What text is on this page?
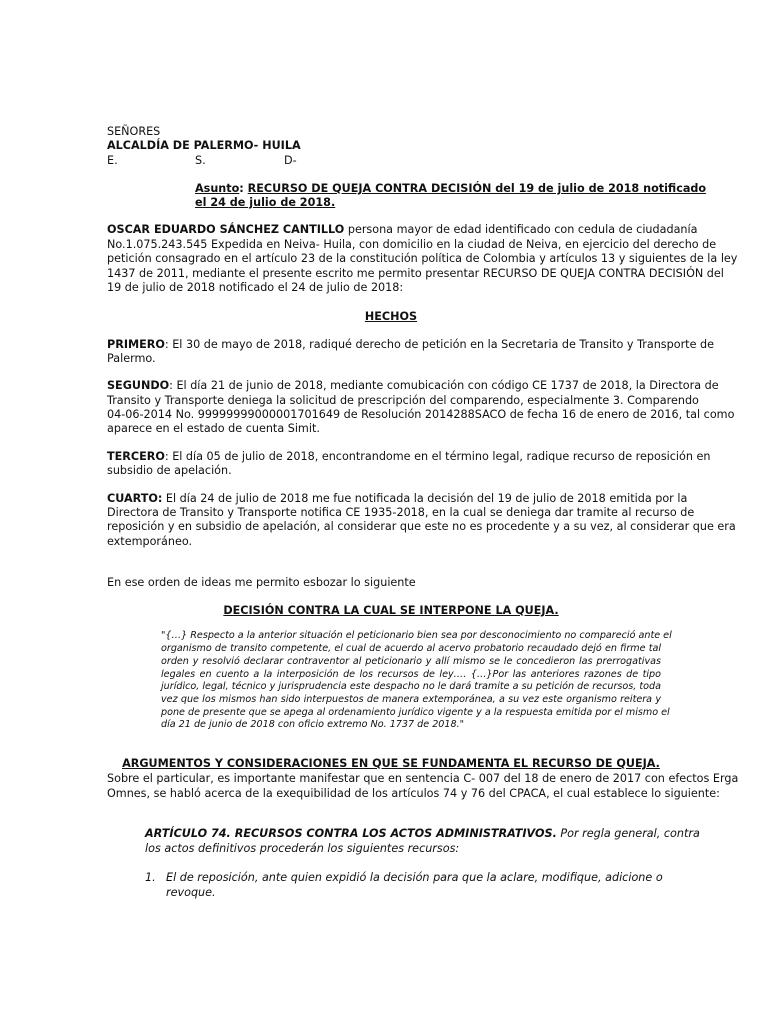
SEÑORES
ALCALDÍA DE PALERMO- HUILA
E.	S.	D-
Asunto: RECURSO DE QUEJA CONTRA DECISIÓN del 19 de julio de 2018 notificado
el 24 de julio de 2018.
OSCAR EDUARDO SÁNCHEZ CANTILLO persona mayor de edad identificado con cedula de ciudadanía
No.1.075.243.545 Expedida en Neiva- Huila, con domicilio en la ciudad de Neiva, en ejercicio del derecho de
petición consagrado en el artículo 23 de la constitución política de Colombia y artículos 13 y siguientes de la ley
1437 de 2011, mediante el presente escrito me permito presentar RECURSO DE QUEJA CONTRA DECISIÓN del
19 de julio de 2018 notificado el 24 de julio de 2018:
HECHOS
PRIMERO: El 30 de mayo de 2018, radiqué derecho de petición en la Secretaria de Transito y Transporte de
Palermo.
SEGUNDO: El día 21 de junio de 2018, mediante comubicación con código CE 1737 de 2018, la Directora de
Transito y Transporte deniega la solicitud de prescripción del comparendo, especialmente 3. Comparendo
04-06-2014 No. 99999999000001701649 de Resolución 2014288SACO de fecha 16 de enero de 2016, tal como
aparece en el estado de cuenta Simit.
TERCERO: El día 05 de julio de 2018, encontrandome en el término legal, radique recurso de reposición en
subsidio de apelación.
CUARTO: El día 24 de julio de 2018 me fue notificada la decisión del 19 de julio de 2018 emitida por la
Directora de Transito y Transporte notifica CE 1935-2018, en la cual se deniega dar tramite al recurso de
reposición y en subsidio de apelación, al considerar que este no es procedente y a su vez, al considerar que era
extemporáneo.
En ese orden de ideas me permito esbozar lo siguiente
DECISIÓN CONTRA LA CUAL SE INTERPONE LA QUEJA.
"{…} Respecto a la anterior situación el peticionario bien sea por desconocimiento no compareció ante el
organismo de transito competente, el cual de acuerdo al acervo probatorio recaudado dejó en firme tal
orden y resolvió declarar contraventor al peticionario y allí mismo se le concedieron las prerrogativas
legales en cuento a la interposición de los recursos de ley…. {…}Por las anteriores razones de tipo
jurídico, legal, técnico y jurisprudencia este despacho no le dará tramite a su petición de recursos, toda
vez que los mismos han sido interpuestos de manera extemporánea, a su vez este organismo reitera y
pone de presente que se apega al ordenamiento jurídico vigente y a la respuesta emitida por el mismo el
día 21 de junio de 2018 con oficio extremo No. 1737 de 2018."
ARGUMENTOS Y CONSIDERACIONES EN QUE SE FUNDAMENTA EL RECURSO DE QUEJA.
Sobre el particular, es importante manifestar que en sentencia C- 007 del 18 de enero de 2017 con efectos Erga
Omnes, se habló acerca de la exequibilidad de los artículos 74 y 76 del CPACA, el cual establece lo siguiente:
ARTÍCULO 74. RECURSOS CONTRA LOS ACTOS ADMINISTRATIVOS. Por regla general, contra
los actos definitivos procederán los siguientes recursos:
1. El de reposición, ante quien expidió la decisión para que la aclare, modifique, adicione o
revoque.
